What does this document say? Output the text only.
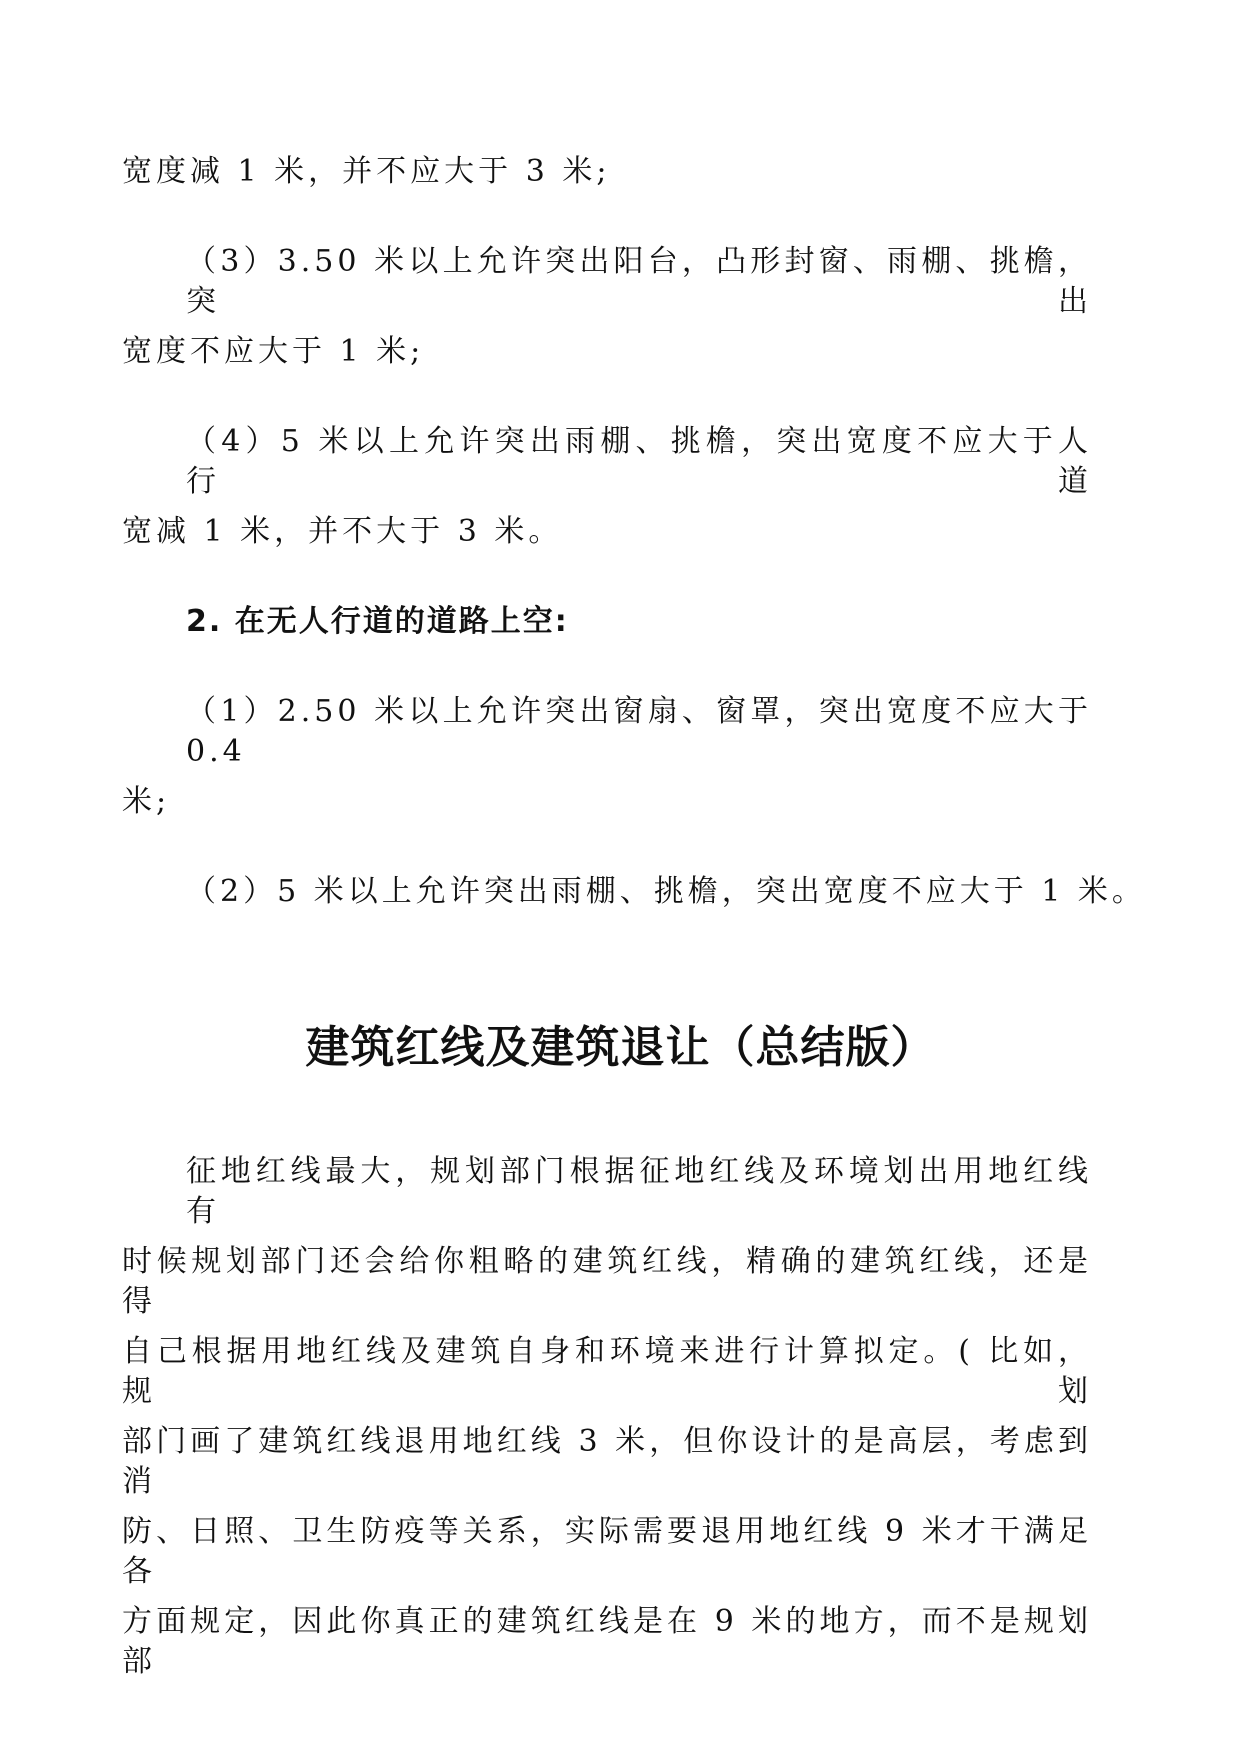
宽度减 1 米，并不应大于 3 米;
（3）3.50 米以上允许突出阳台，凸形封窗、雨棚、挑檐，突出
宽度不应大于 1 米;
（4）5 米以上允许突出雨棚、挑檐，突出宽度不应大于人行道
宽减 1 米，并不大于 3 米。
2. 在无人行道的道路上空:
（1）2.50 米以上允许突出窗扇、窗罩，突出宽度不应大于 0.4
米;
（2）5 米以上允许突出雨棚、挑檐，突出宽度不应大于 1 米。
建筑红线及建筑退让（总结版）
征地红线最大，规划部门根据征地红线及环境划出用地红线有
时候规划部门还会给你粗略的建筑红线，精确的建筑红线，还是得
自己根据用地红线及建筑自身和环境来进行计算拟定。( 比如，规划
部门画了建筑红线退用地红线 3 米，但你设计的是高层，考虑到消
防、日照、卫生防疫等关系，实际需要退用地红线 9 米才干满足各
方面规定，因此你真正的建筑红线是在 9 米的地方，而不是规划部
